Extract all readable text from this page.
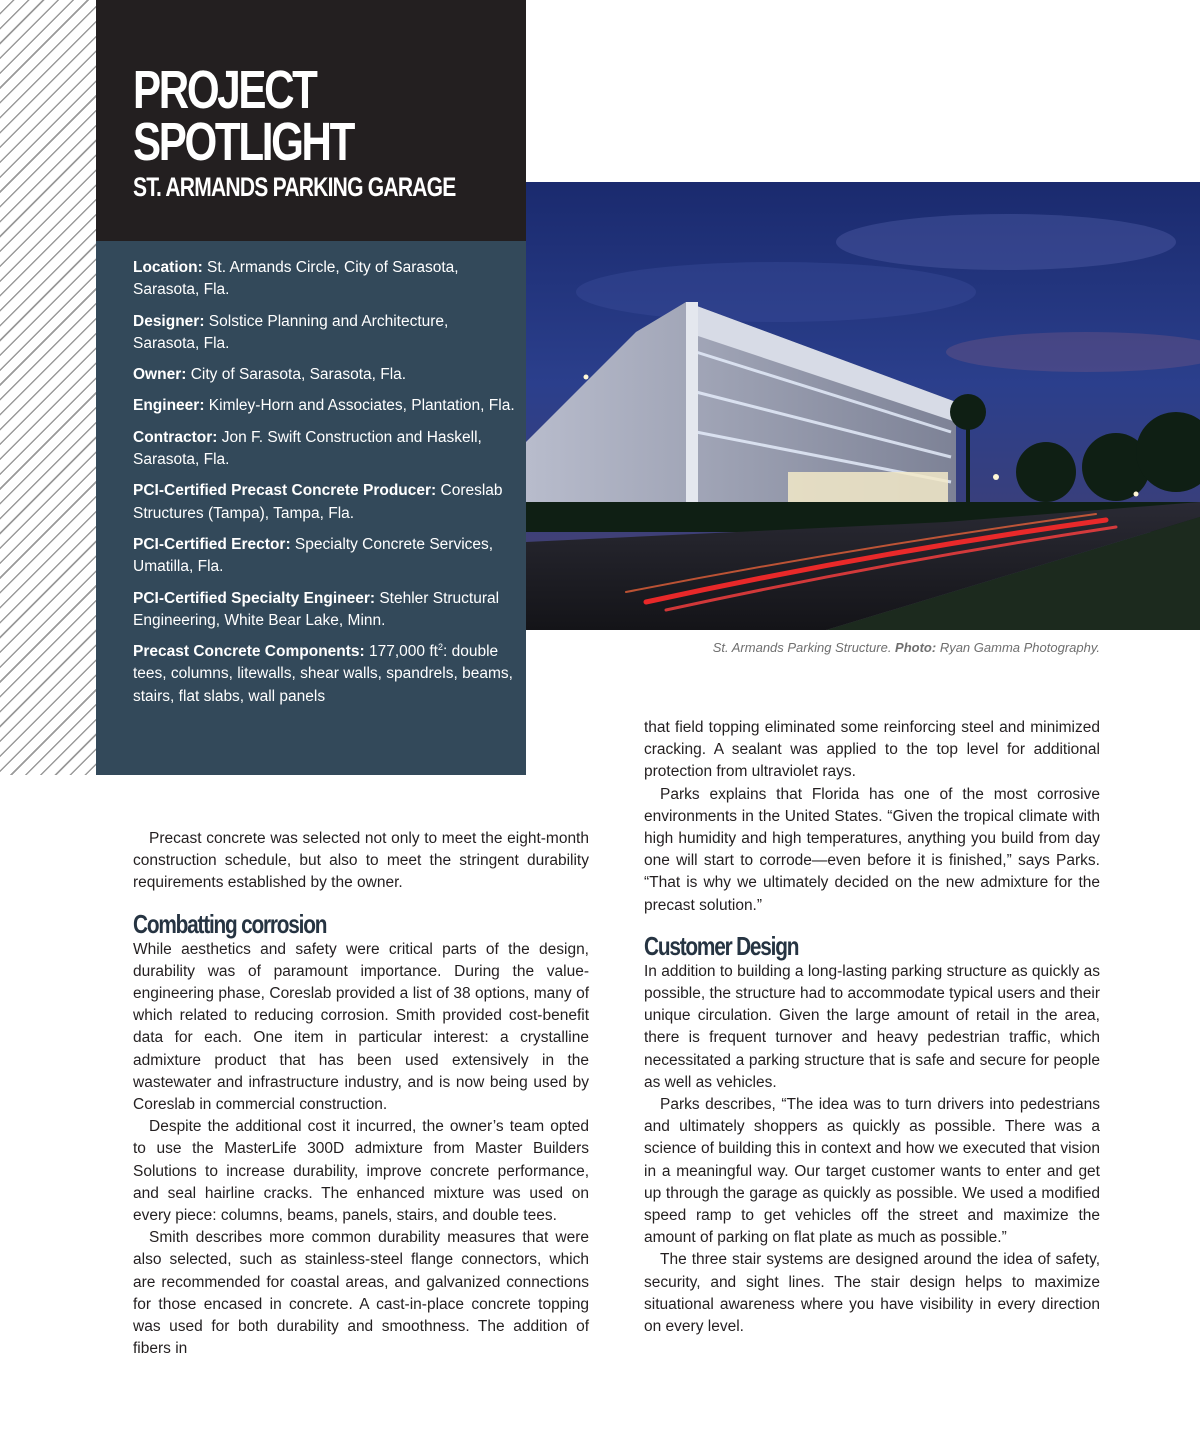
PROJECT
SPOTLIGHT
ST. ARMANDS PARKING GARAGE

Location: St. Armands Circle, City of Sarasota, Sarasota, Fla.

Designer: Solstice Planning and Architecture, Sarasota, Fla.

Owner: City of Sarasota, Sarasota, Fla.

Engineer: Kimley-Horn and Associates, Plantation, Fla.

Contractor: Jon F. Swift Construction and Haskell, Sarasota, Fla.

PCI-Certified Precast Concrete Producer: Coreslab Structures (Tampa), Tampa, Fla.

PCI-Certified Erector: Specialty Concrete Services, Umatilla, Fla.

PCI-Certified Specialty Engineer: Stehler Structural Engineering, White Bear Lake, Minn.

Precast Concrete Components: 177,000 $ft^2$: double tees, columns, litewalls, shear walls, spandrels, beams, stairs, flat slabs, wall panels

St. Armands Parking Structure. Photo: Ryan Gamma Photography.

Precast concrete was selected not only to meet the eight-month construction schedule, but also to meet the stringent durability requirements established by the owner.

Combatting corrosion

While aesthetics and safety were critical parts of the design, durability was of paramount importance. During the value-engineering phase, Coreslab provided a list of 38 options, many of which related to reducing corrosion. Smith provided cost-benefit data for each. One item in particular interest: a crystalline admixture product that has been used extensively in the wastewater and infrastructure industry, and is now being used by Coreslab in commercial construction.

Despite the additional cost it incurred, the owner’s team opted to use the MasterLife 300D admixture from Master Builders Solutions to increase durability, improve concrete performance, and seal hairline cracks. The enhanced mixture was used on every piece: columns, beams, panels, stairs, and double tees.

Smith describes more common durability measures that were also selected, such as stainless-steel flange connectors, which are recommended for coastal areas, and galvanized connections for those encased in concrete. A cast-in-place concrete topping was used for both durability and smoothness. The addition of fibers in

that field topping eliminated some reinforcing steel and minimized cracking. A sealant was applied to the top level for additional protection from ultraviolet rays.

Parks explains that Florida has one of the most corrosive environments in the United States. “Given the tropical climate with high humidity and high temperatures, anything you build from day one will start to corrode—even before it is finished,” says Parks. “That is why we ultimately decided on the new admixture for the precast solution.”

Customer Design

In addition to building a long-lasting parking structure as quickly as possible, the structure had to accommodate typical users and their unique circulation. Given the large amount of retail in the area, there is frequent turnover and heavy pedestrian traffic, which necessitated a parking structure that is safe and secure for people as well as vehicles.

Parks describes, “The idea was to turn drivers into pedestrians and ultimately shoppers as quickly as possible. There was a science of building this in context and how we executed that vision in a meaningful way. Our target customer wants to enter and get up through the garage as quickly as possible. We used a modified speed ramp to get vehicles off the street and maximize the amount of parking on flat plate as much as possible.”

The three stair systems are designed around the idea of safety, security, and sight lines. The stair design helps to maximize situational awareness where you have visibility in every direction on every level.
